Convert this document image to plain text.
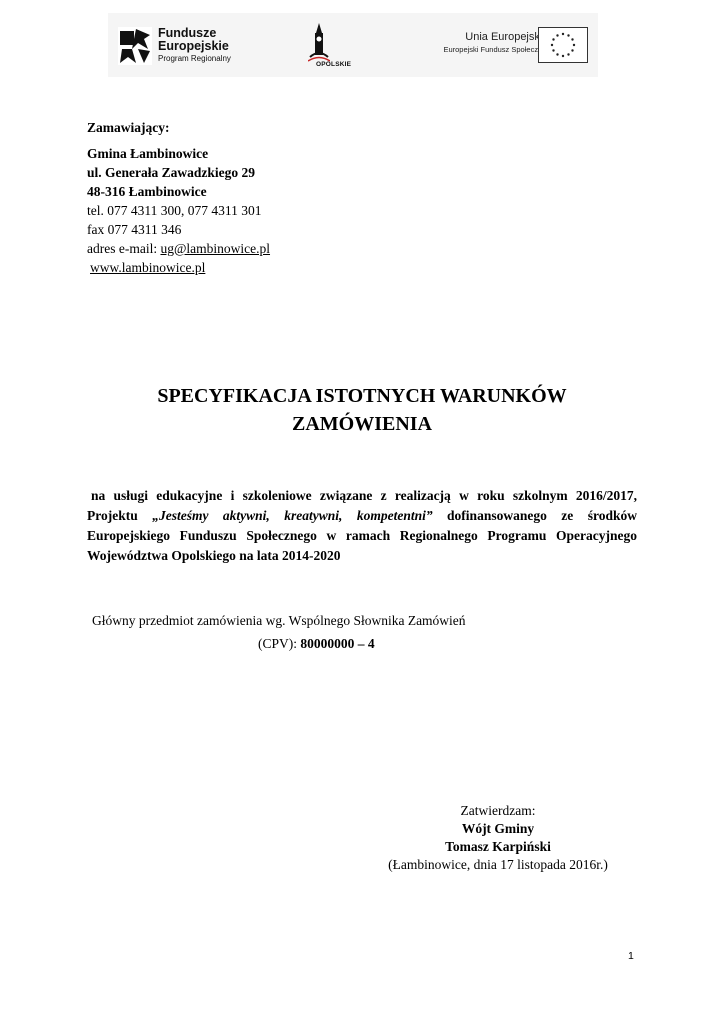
Fundusze
Europejskie
Program Regionalny
OPOLSKIE
Unia Europejska
Europejski Fundusz Społeczny
Zamawiający:
Gmina Łambinowice
ul. Generała Zawadzkiego 29
48-316 Łambinowice
tel. 077 4311 300, 077 4311 301
fax 077 4311 346
adres e-mail: ug@lambinowice.pl
www.lambinowice.pl
SPECYFIKACJA ISTOTNYCH WARUNKÓW
ZAMÓWIENIA
na usługi edukacyjne i szkoleniowe związane z realizacją w roku szkolnym 2016/2017, Projektu „Jesteśmy aktywni, kreatywni, kompetentni” dofinansowanego ze środków Europejskiego Funduszu Społecznego w ramach Regionalnego Programu Operacyjnego Województwa Opolskiego na lata 2014-2020
Główny przedmiot zamówienia wg. Wspólnego Słownika Zamówień
(CPV): 80000000 – 4
Zatwierdzam:
Wójt Gminy
Tomasz Karpiński
(Łambinowice, dnia 17 listopada 2016r.)
1
